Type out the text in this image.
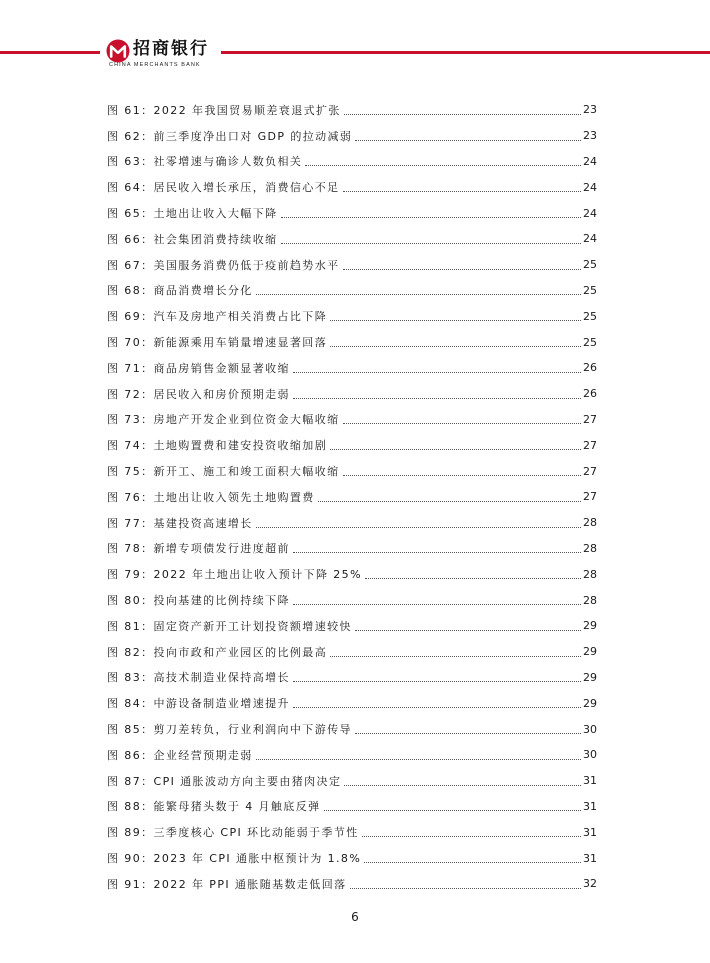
招商银行
CHINA MERCHANTS BANK
图 61： 2022 年我国贸易顺差衰退式扩张	23
图 62： 前三季度净出口对 GDP 的拉动减弱	23
图 63： 社零增速与确诊人数负相关	24
图 64： 居民收入增长承压，消费信心不足	24
图 65： 土地出让收入大幅下降	24
图 66： 社会集团消费持续收缩	24
图 67： 美国服务消费仍低于疫前趋势水平	25
图 68： 商品消费增长分化	25
图 69： 汽车及房地产相关消费占比下降	25
图 70： 新能源乘用车销量增速显著回落	25
图 71： 商品房销售金额显著收缩	26
图 72： 居民收入和房价预期走弱	26
图 73： 房地产开发企业到位资金大幅收缩	27
图 74： 土地购置费和建安投资收缩加剧	27
图 75： 新开工、施工和竣工面积大幅收缩	27
图 76： 土地出让收入领先土地购置费	27
图 77： 基建投资高速增长	28
图 78： 新增专项债发行进度超前	28
图 79： 2022 年土地出让收入预计下降 25%	28
图 80： 投向基建的比例持续下降	28
图 81： 固定资产新开工计划投资额增速较快	29
图 82： 投向市政和产业园区的比例最高	29
图 83： 高技术制造业保持高增长	29
图 84： 中游设备制造业增速提升	29
图 85： 剪刀差转负，行业利润向中下游传导	30
图 86： 企业经营预期走弱	30
图 87： CPI 通胀波动方向主要由猪肉决定	31
图 88： 能繁母猪头数于 4 月触底反弹	31
图 89： 三季度核心 CPI 环比动能弱于季节性	31
图 90： 2023 年 CPI 通胀中枢预计为 1.8%	31
图 91： 2022 年 PPI 通胀随基数走低回落	32
6
